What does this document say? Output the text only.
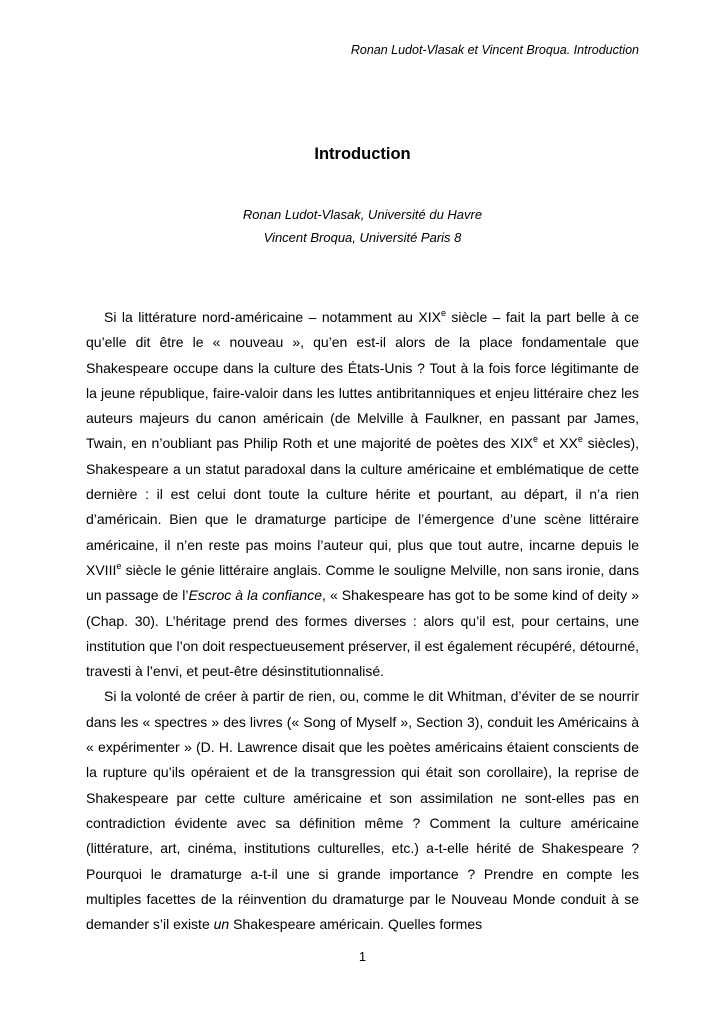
Ronan Ludot-Vlasak et Vincent Broqua. Introduction
Introduction
Ronan Ludot-Vlasak, Université du Havre
Vincent Broqua, Université Paris 8

Si la littérature nord-américaine – notamment au XIXe siècle – fait la part belle à ce qu’elle dit être le « nouveau », qu’en est-il alors de la place fondamentale que Shakespeare occupe dans la culture des États-Unis ? Tout à la fois force légitimante de la jeune république, faire-valoir dans les luttes antibritanniques et enjeu littéraire chez les auteurs majeurs du canon américain (de Melville à Faulkner, en passant par James, Twain, en n’oubliant pas Philip Roth et une majorité de poètes des XIXe et XXe siècles), Shakespeare a un statut paradoxal dans la culture américaine et emblématique de cette dernière : il est celui dont toute la culture hérite et pourtant, au départ, il n’a rien d’américain. Bien que le dramaturge participe de l’émergence d’une scène littéraire américaine, il n’en reste pas moins l’auteur qui, plus que tout autre, incarne depuis le XVIIIe siècle le génie littéraire anglais. Comme le souligne Melville, non sans ironie, dans un passage de l’Escroc à la confiance, « Shakespeare has got to be some kind of deity » (Chap. 30). L’héritage prend des formes diverses : alors qu’il est, pour certains, une institution que l’on doit respectueusement préserver, il est également récupéré, détourné, travesti à l’envi, et peut-être désinstitutionnalisé.

Si la volonté de créer à partir de rien, ou, comme le dit Whitman, d’éviter de se nourrir dans les « spectres » des livres (« Song of Myself », Section 3), conduit les Américains à « expérimenter » (D. H. Lawrence disait que les poètes américains étaient conscients de la rupture qu’ils opéraient et de la transgression qui était son corollaire), la reprise de Shakespeare par cette culture américaine et son assimilation ne sont-elles pas en contradiction évidente avec sa définition même ? Comment la culture américaine (littérature, art, cinéma, institutions culturelles, etc.) a-t-elle hérité de Shakespeare ? Pourquoi le dramaturge a-t-il une si grande importance ? Prendre en compte les multiples facettes de la réinvention du dramaturge par le Nouveau Monde conduit à se demander s’il existe un Shakespeare américain. Quelles formes

1
